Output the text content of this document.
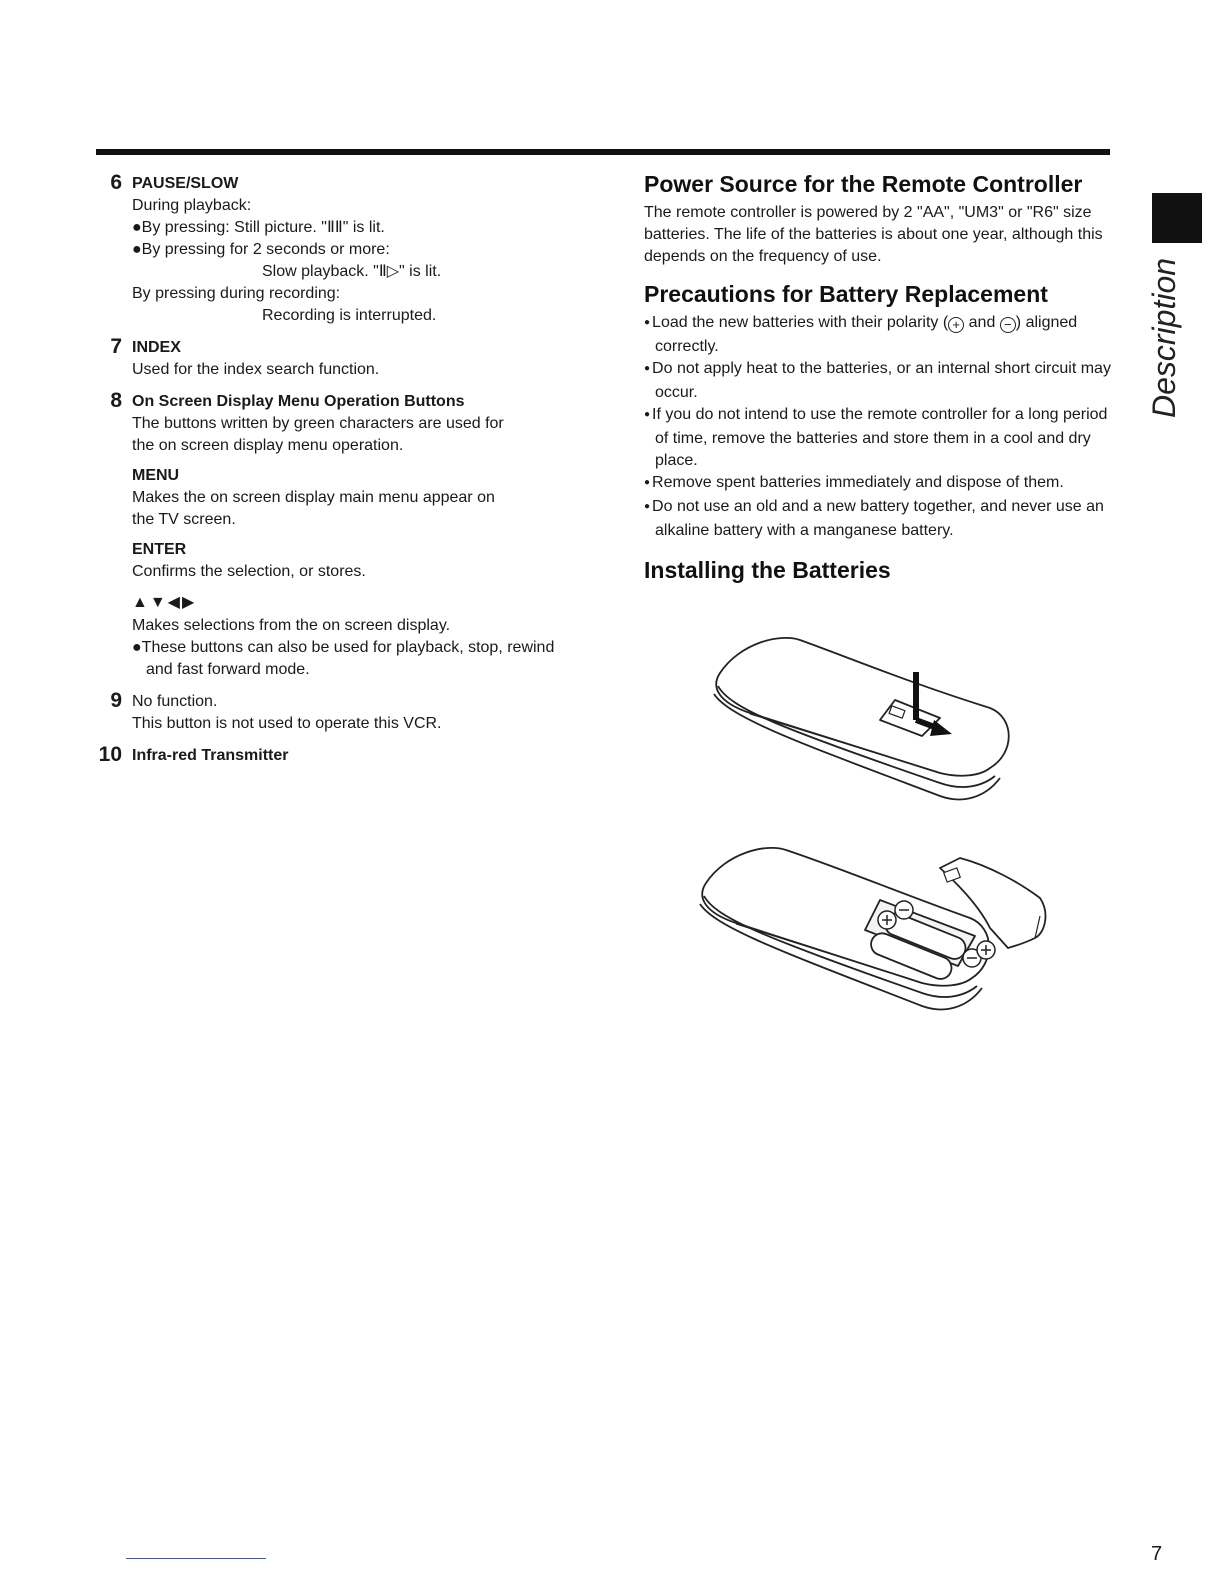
6 PAUSE/SLOW
During playback:
●By pressing: Still picture. "ⅡⅡ" is lit.
●By pressing for 2 seconds or more:
Slow playback. "Ⅱ▷" is lit.
By pressing during recording:
Recording is interrupted.
7 INDEX
Used for the index search function.
8 On Screen Display Menu Operation Buttons
The buttons written by green characters are used for
the on screen display menu operation.
MENU
Makes the on screen display main menu appear on
the TV screen.
ENTER
Confirms the selection, or stores.
▲▼◀▶
Makes selections from the on screen display.
●These buttons can also be used for playback, stop, rewind and fast forward mode.
9 No function.
This button is not used to operate this VCR.
10 Infra-red Transmitter
Power Source for the Remote Controller

The remote controller is powered by 2 "AA", "UM3" or "R6" size batteries. The life of the batteries is about one year, although this depends on the frequency of use.

Precautions for Battery Replacement
● Load the new batteries with their polarity ( + and − ) aligned correctly.
● Do not apply heat to the batteries, or an internal short circuit may occur.
● If you do not intend to use the remote controller for a long period of time, remove the batteries and store them in a cool and dry place.
● Remove spent batteries immediately and dispose of them.
● Do not use an old and a new battery together, and never use an alkaline battery with a manganese battery.
Installing the Batteries
Description
7
